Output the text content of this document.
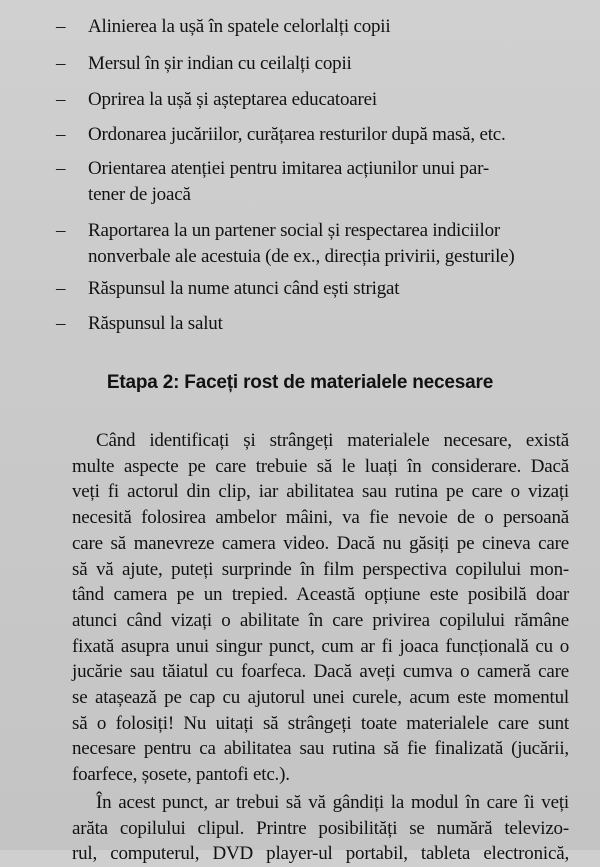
– Alinierea la ușă în spatele celorlalți copii
– Mersul în șir indian cu ceilalți copii
– Oprirea la ușă și așteptarea educatoarei
– Ordonarea jucăriilor, curățarea resturilor după masă, etc.
– Orientarea atenției pentru imitarea acțiunilor unui par-
tener de joacă
– Raportarea la un partener social și respectarea indiciilor
nonverbale ale acestuia (de ex., direcția privirii, gesturile)
– Răspunsul la nume atunci când ești strigat
– Răspunsul la salut
Etapa 2: Faceți rost de materialele necesare
Când identificați și strângeți materialele necesare, există
multe aspecte pe care trebuie să le luați în considerare. Dacă
veți fi actorul din clip, iar abilitatea sau rutina pe care o vizați
necesită folosirea ambelor mâini, va fie nevoie de o persoană
care să manevreze camera video. Dacă nu găsiți pe cineva care
să vă ajute, puteți surprinde în film perspectiva copilului mon-
tând camera pe un trepied. Această opțiune este posibilă doar
atunci când vizați o abilitate în care privirea copilului rămâne
fixată asupra unui singur punct, cum ar fi joaca funcțională cu o
jucărie sau tăiatul cu foarfeca. Dacă aveți cumva o cameră care
se atașează pe cap cu ajutorul unei curele, acum este momentul
să o folosiți! Nu uitați să strângeți toate materialele care sunt
necesare pentru ca abilitatea sau rutina să fie finalizată (jucării,
foarfece, șosete, pantofi etc.).
În acest punct, ar trebui să vă gândiți la modul în care îi veți
arăta copilului clipul. Printre posibilități se numără televizo-
rul, computerul, DVD player-ul portabil, tableta electronică,
